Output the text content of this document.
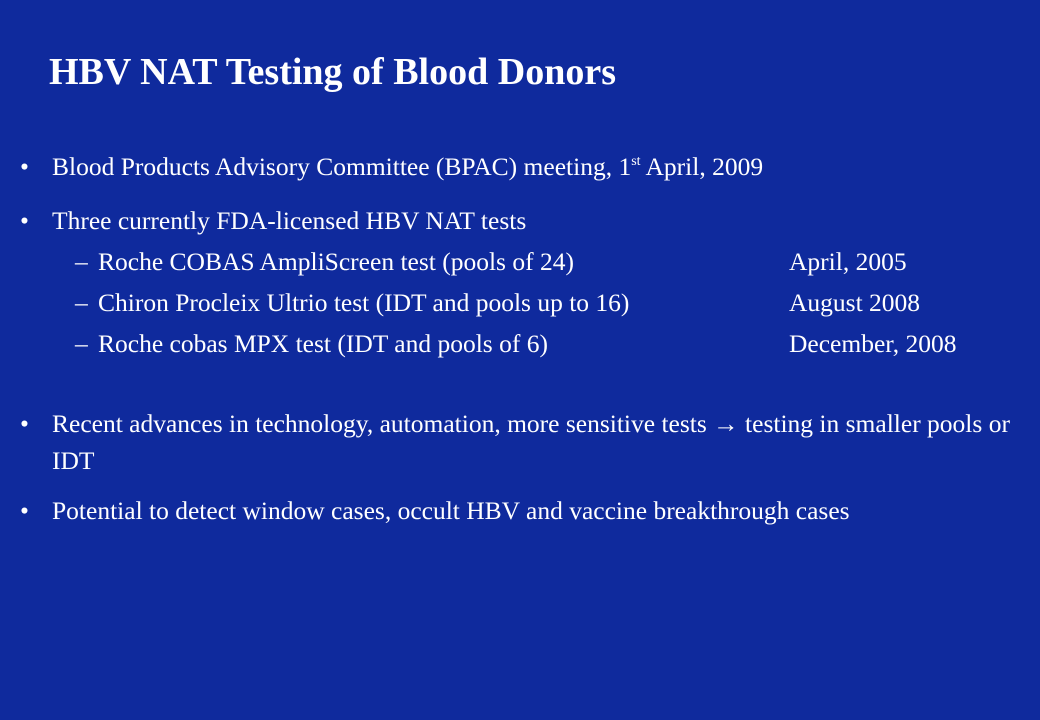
HBV NAT Testing of Blood Donors
• Blood Products Advisory Committee (BPAC) meeting, 1st April, 2009
• Three currently FDA-licensed HBV NAT tests
– Roche COBAS AmpliScreen test (pools of 24)	April, 2005
– Chiron Procleix Ultrio test (IDT and pools up to 16)	August 2008
– Roche cobas MPX test (IDT and pools of 6)	December, 2008
• Recent advances in technology, automation, more sensitive tests → testing in smaller pools or IDT
• Potential to detect window cases, occult HBV and vaccine breakthrough cases
